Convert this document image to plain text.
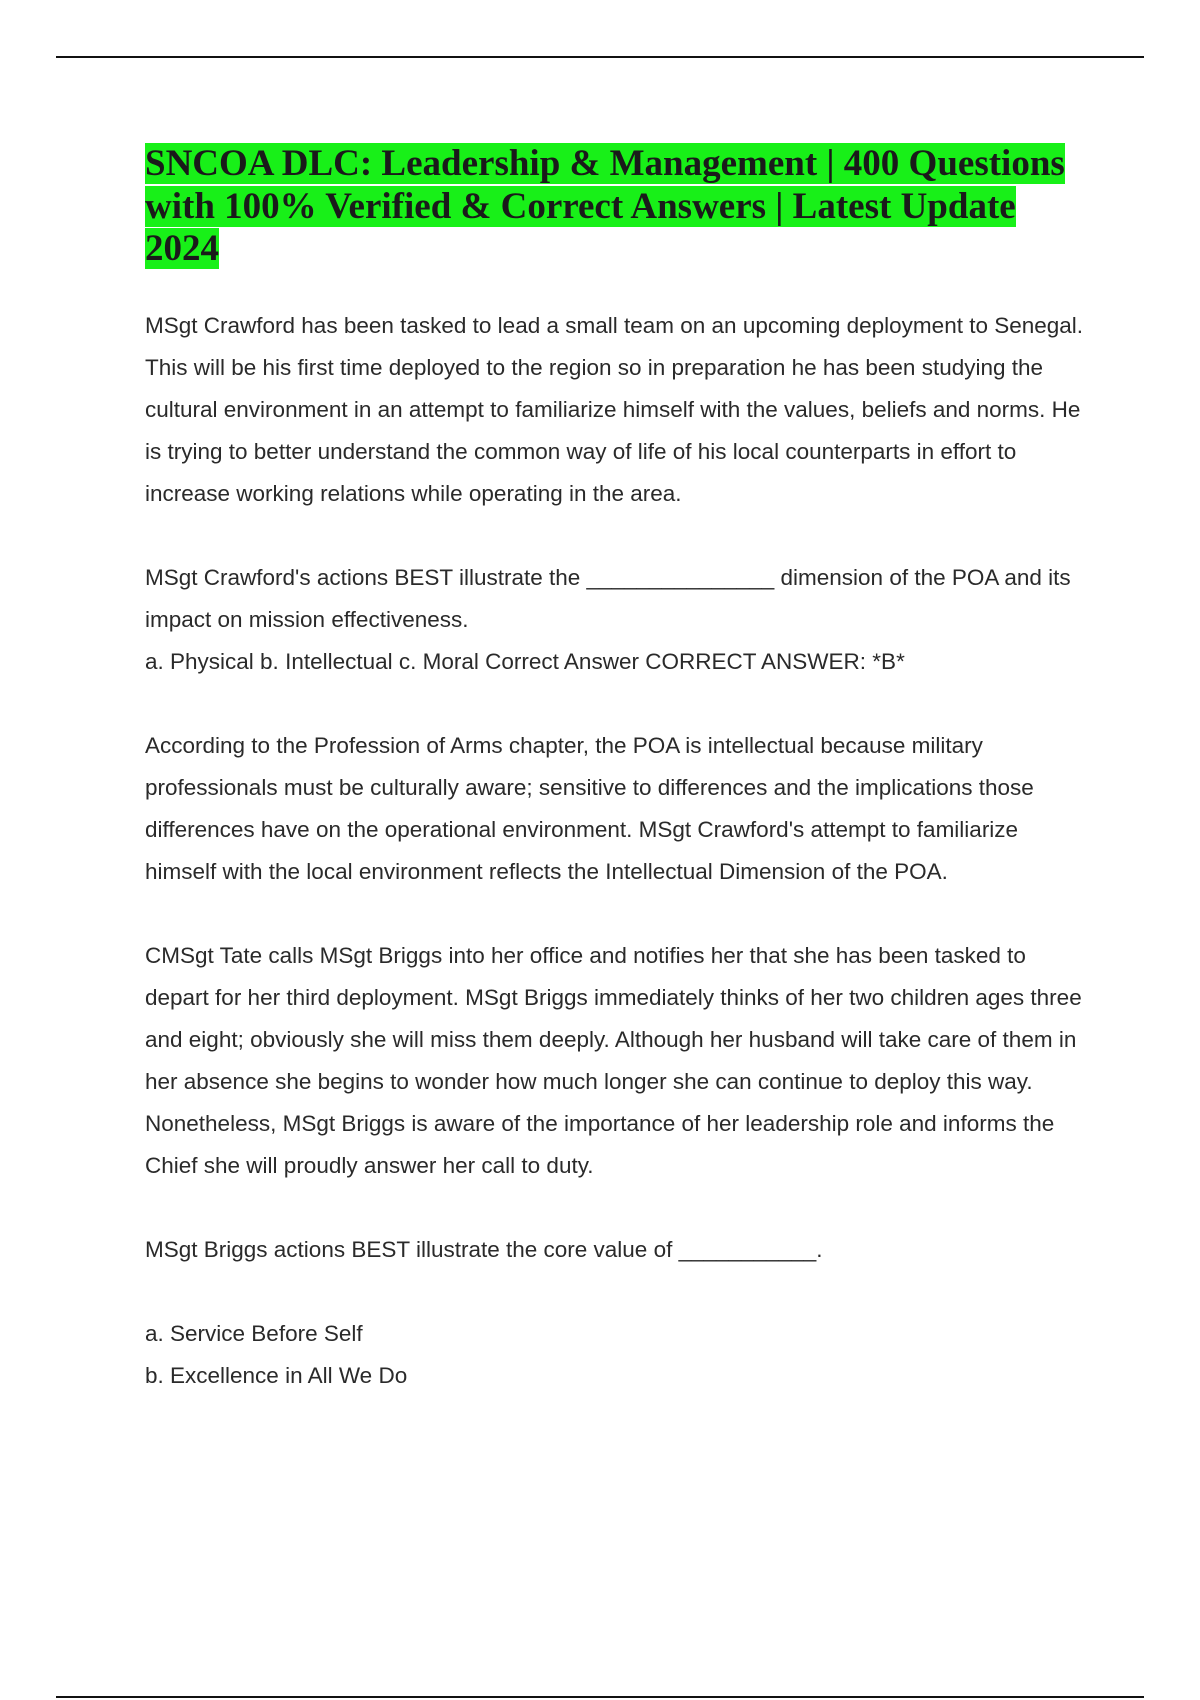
SNCOA DLC: Leadership & Management | 400 Questions with 100% Verified & Correct Answers | Latest Update 2024

MSgt Crawford has been tasked to lead a small team on an upcoming deployment to Senegal. This will be his first time deployed to the region so in preparation he has been studying the cultural environment in an attempt to familiarize himself with the values, beliefs and norms. He is trying to better understand the common way of life of his local counterparts in effort to increase working relations while operating in the area.

MSgt Crawford's actions BEST illustrate the _______________ dimension of the POA and its impact on mission effectiveness.

a. Physical b. Intellectual c. Moral Correct Answer CORRECT ANSWER: *B*

According to the Profession of Arms chapter, the POA is intellectual because military professionals must be culturally aware; sensitive to differences and the implications those differences have on the operational environment. MSgt Crawford's attempt to familiarize himself with the local environment reflects the Intellectual Dimension of the POA.

CMSgt Tate calls MSgt Briggs into her office and notifies her that she has been tasked to depart for her third deployment. MSgt Briggs immediately thinks of her two children ages three and eight; obviously she will miss them deeply. Although her husband will take care of them in her absence she begins to wonder how much longer she can continue to deploy this way. Nonetheless, MSgt Briggs is aware of the importance of her leadership role and informs the Chief she will proudly answer her call to duty.

MSgt Briggs actions BEST illustrate the core value of ___________.

a. Service Before Self

b. Excellence in All We Do
